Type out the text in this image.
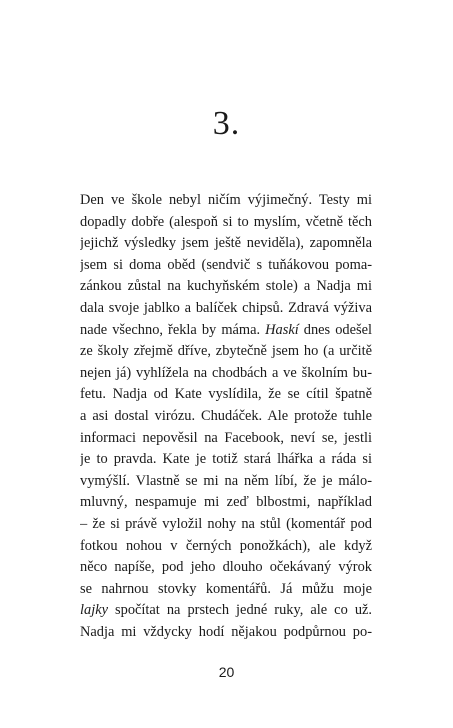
3.
Den ve škole nebyl ničím výjimečný. Testy mi
dopadly dobře (alespoň si to myslím, včetně těch
jejichž výsledky jsem ještě neviděla), zapomněla
jsem si doma oběd (sendvič s tuňákovou poma-
zánkou zůstal na kuchyňském stole) a Nadja mi
dala svoje jablko a balíček chipsů. Zdravá výživa
nade všechno, řekla by máma. Haskí dnes odešel
ze školy zřejmě dříve, zbytečně jsem ho (a určitě
nejen já) vyhlížela na chodbách a ve školním bu-
fetu. Nadja od Kate vyslídila, že se cítil špatně
a asi dostal virózu. Chudáček. Ale protože tuhle
informaci nepověsil na Facebook, neví se, jestli
je to pravda. Kate je totiž stará lhářka a ráda si
vymýšlí. Vlastně se mi na něm líbí, že je málo-
mluvný, nespamuje mi zeď blbostmi, například
– že si právě vyložil nohy na stůl (komentář pod
fotkou nohou v černých ponožkách), ale když
něco napíše, pod jeho dlouho očekávaný výrok
se nahrnou stovky komentářů. Já můžu moje
lajky spočítat na prstech jedné ruky, ale co už.
Nadja mi vždycky hodí nějakou podpůrnou po-
20
